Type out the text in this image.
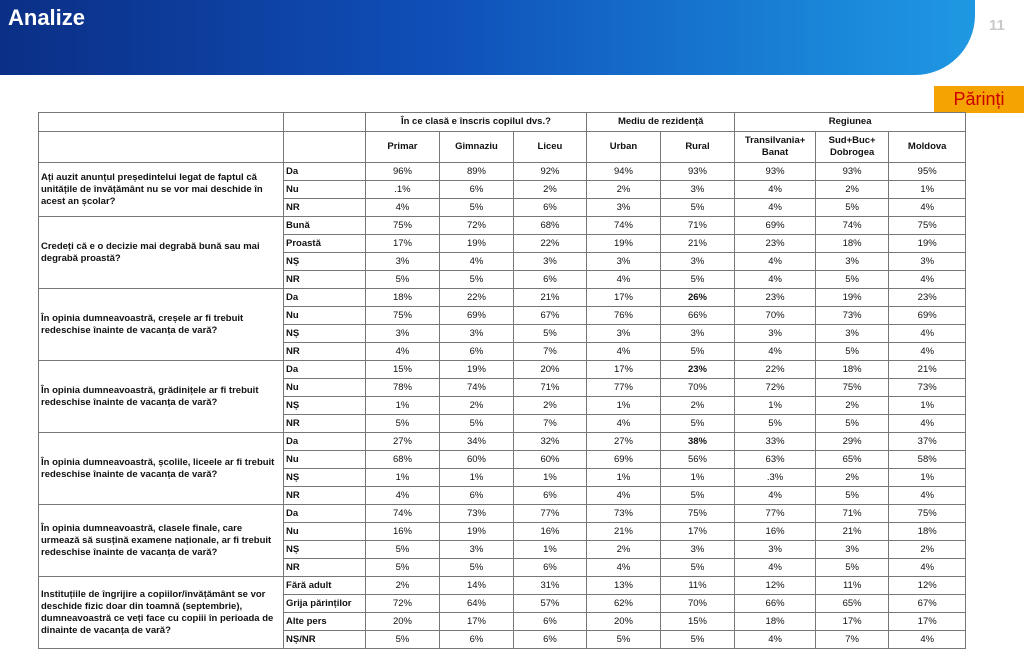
Analize	11
Părinți
		În ce clasă e înscris copilul dvs.?			Mediu de rezidență		Regiunea		
		Primar	Gimnaziu	Liceu	Urban	Rural	Transilvania+ Banat	Sud+Buc+ Dobrogea	Moldova
Ați auzit anunțul președintelui legat de faptul că unitățile de învățământ nu se vor mai deschide în acest an școlar?	Da	96%	89%	92%	94%	93%	93%	93%	95%
	Nu	.1%	6%	2%	2%	3%	4%	2%	1%
	NR	4%	5%	6%	3%	5%	4%	5%	4%
Credeți că e o decizie mai degrabă bună sau mai degrabă proastă?	Bună	75%	72%	68%	74%	71%	69%	74%	75%
	Proastă	17%	19%	22%	19%	21%	23%	18%	19%
	NȘ	3%	4%	3%	3%	3%	4%	3%	3%
	NR	5%	5%	6%	4%	5%	4%	5%	4%
În opinia dumneavoastră, creșele ar fi trebuit redeschise înainte de vacanța de vară?	Da	18%	22%	21%	17%	26%	23%	19%	23%
	Nu	75%	69%	67%	76%	66%	70%	73%	69%
	NȘ	3%	3%	5%	3%	3%	3%	3%	4%
	NR	4%	6%	7%	4%	5%	4%	5%	4%
În opinia dumneavoastră, grădinițele ar fi trebuit redeschise înainte de vacanța de vară?	Da	15%	19%	20%	17%	23%	22%	18%	21%
	Nu	78%	74%	71%	77%	70%	72%	75%	73%
	NȘ	1%	2%	2%	1%	2%	1%	2%	1%
	NR	5%	5%	7%	4%	5%	5%	5%	4%
În opinia dumneavoastră, școlile, liceele ar fi trebuit redeschise înainte de vacanța de vară?	Da	27%	34%	32%	27%	38%	33%	29%	37%
	Nu	68%	60%	60%	69%	56%	63%	65%	58%
	NȘ	1%	1%	1%	1%	1%	.3%	2%	1%
	NR	4%	6%	6%	4%	5%	4%	5%	4%
În opinia dumneavoastră, clasele finale, care urmează să susțină examene naționale, ar fi trebuit redeschise înainte de vacanța de vară?	Da	74%	73%	77%	73%	75%	77%	71%	75%
	Nu	16%	19%	16%	21%	17%	16%	21%	18%
	NȘ	5%	3%	1%	2%	3%	3%	3%	2%
	NR	5%	5%	6%	4%	5%	4%	5%	4%
Instituțiile de îngrijire a copiilor/învățământ se vor deschide fizic doar din toamnă (septembrie), dumneavoastră ce veți face cu copiii în perioada de dinainte de vacanța de vară?	Fără adult	2%	14%	31%	13%	11%	12%	11%	12%
	Grija părinților	72%	64%	57%	62%	70%	66%	65%	67%
	Alte pers	20%	17%	6%	20%	15%	18%	17%	17%
	NȘ/NR	5%	6%	6%	5%	5%	4%	7%	4%
